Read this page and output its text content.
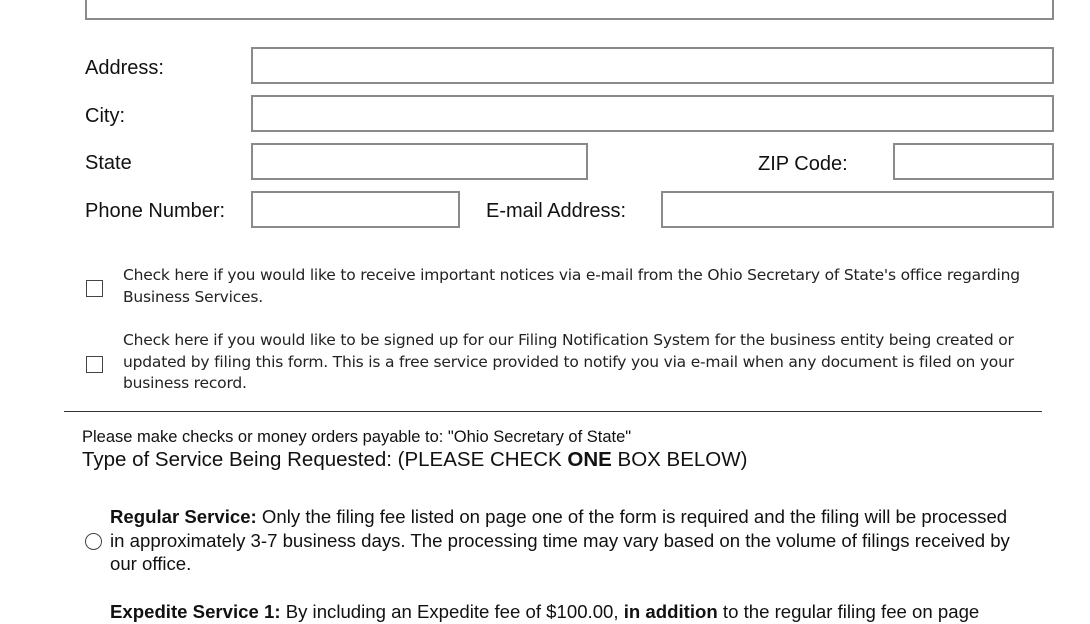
Address:
City:
State	ZIP Code:
Phone Number:	E-mail Address:
Check here if you would like to receive important notices via e-mail from the Ohio Secretary of State's office regarding Business Services.
Check here if you would like to be signed up for our Filing Notification System for the business entity being created or updated by filing this form. This is a free service provided to notify you via e-mail when any document is filed on your business record.
Please make checks or money orders payable to: "Ohio Secretary of State"
Type of Service Being Requested: (PLEASE CHECK ONE BOX BELOW)
Regular Service: Only the filing fee listed on page one of the form is required and the filing will be processed in approximately 3-7 business days. The processing time may vary based on the volume of filings received by our office.
Expedite Service 1: By including an Expedite fee of $100.00, in addition to the regular filing fee on page
